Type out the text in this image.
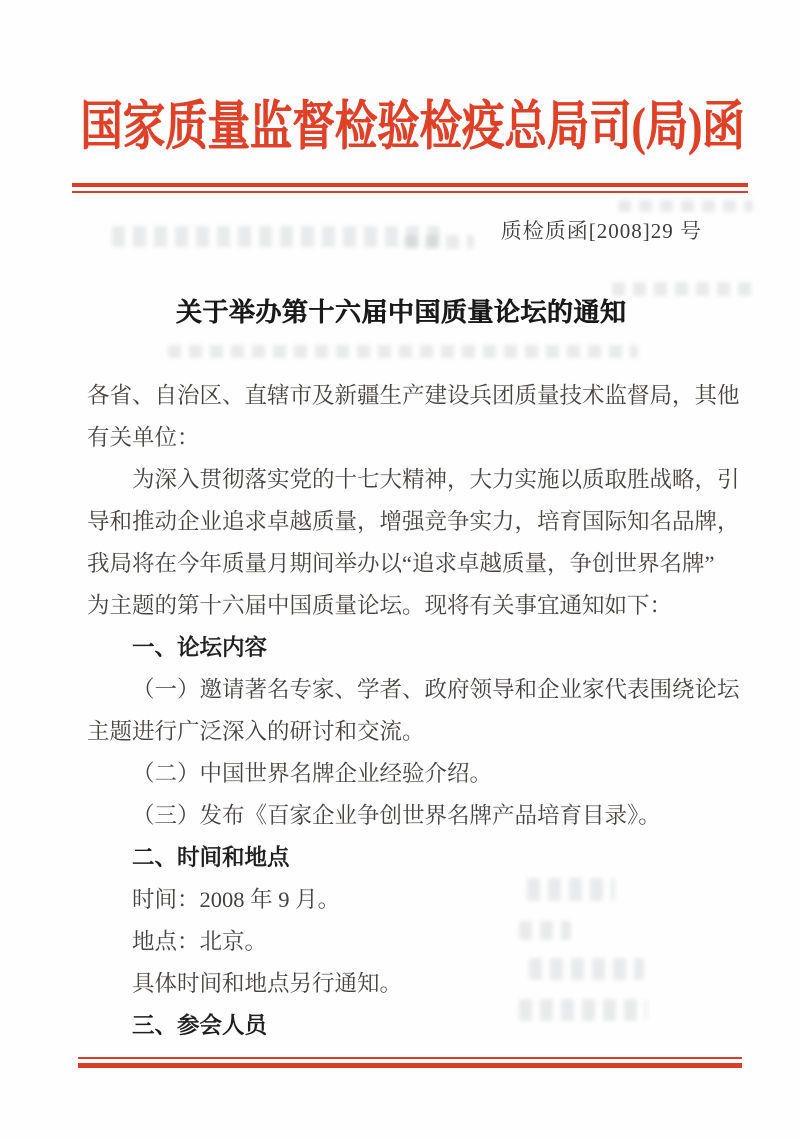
国家质量监督检验检疫总局司(局)函
质检质函[2008]29 号
关于举办第十六届中国质量论坛的通知
各省、自治区、直辖市及新疆生产建设兵团质量技术监督局，其他
有关单位：
为深入贯彻落实党的十七大精神，大力实施以质取胜战略，引
导和推动企业追求卓越质量，增强竞争实力，培育国际知名品牌，
我局将在今年质量月期间举办以“追求卓越质量，争创世界名牌”
为主题的第十六届中国质量论坛。现将有关事宜通知如下：
一、论坛内容
（一）邀请著名专家、学者、政府领导和企业家代表围绕论坛
主题进行广泛深入的研讨和交流。
（二）中国世界名牌企业经验介绍。
（三）发布《百家企业争创世界名牌产品培育目录》。
二、时间和地点
时间：2008 年 9 月。
地点：北京。
具体时间和地点另行通知。
三、参会人员
